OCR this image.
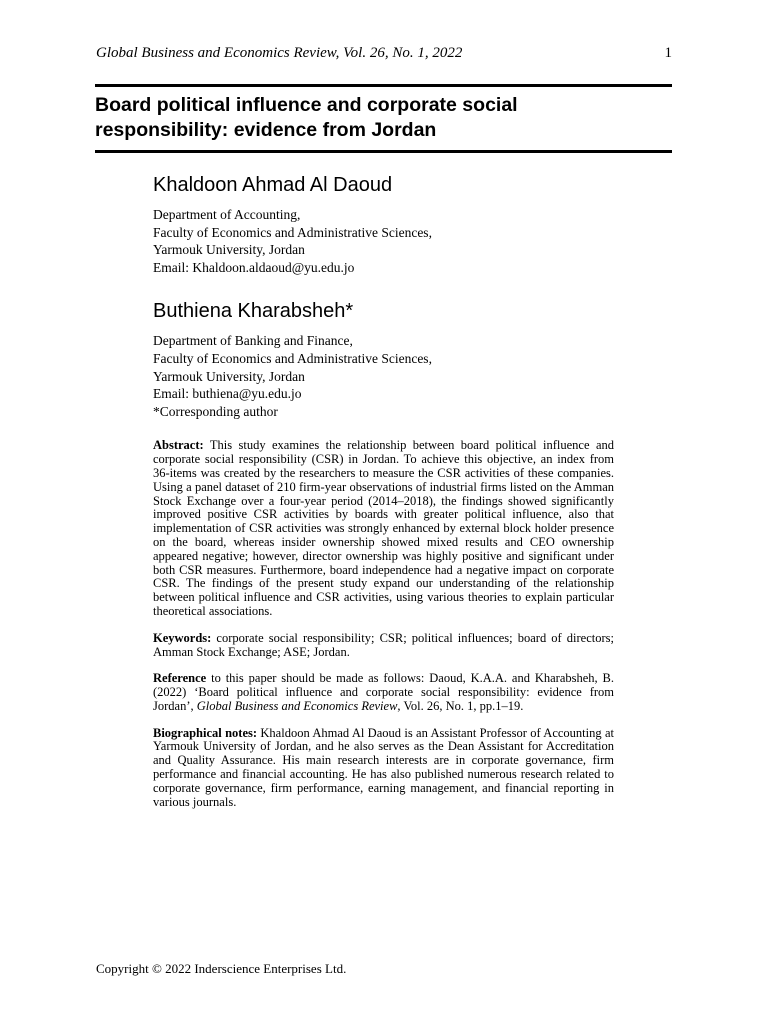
Global Business and Economics Review, Vol. 26, No. 1, 2022	1
Board political influence and corporate social
responsibility: evidence from Jordan

Khaldoon Ahmad Al Daoud

Department of Accounting,

Faculty of Economics and Administrative Sciences,

Yarmouk University, Jordan

Email: Khaldoon.aldaoud@yu.edu.jo

Buthiena Kharabsheh*

Department of Banking and Finance,

Faculty of Economics and Administrative Sciences,

Yarmouk University, Jordan

Email: buthiena@yu.edu.jo

*Corresponding author

Abstract: This study examines the relationship between board political influence and corporate social responsibility (CSR) in Jordan. To achieve this objective, an index from 36-items was created by the researchers to measure the CSR activities of these companies. Using a panel dataset of 210 firm-year observations of industrial firms listed on the Amman Stock Exchange over a four-year period (2014–2018), the findings showed significantly improved positive CSR activities by boards with greater political influence, also that implementation of CSR activities was strongly enhanced by external block holder presence on the board, whereas insider ownership showed mixed results and CEO ownership appeared negative; however, director ownership was highly positive and significant under both CSR measures. Furthermore, board independence had a negative impact on corporate CSR. The findings of the present study expand our understanding of the relationship between political influence and CSR activities, using various theories to explain particular theoretical associations.

Keywords: corporate social responsibility; CSR; political influences; board of directors; Amman Stock Exchange; ASE; Jordan.

Reference to this paper should be made as follows: Daoud, K.A.A. and Kharabsheh, B. (2022) ‘Board political influence and corporate social responsibility: evidence from Jordan’, Global Business and Economics Review, Vol. 26, No. 1, pp.1–19.

Biographical notes: Khaldoon Ahmad Al Daoud is an Assistant Professor of Accounting at Yarmouk University of Jordan, and he also serves as the Dean Assistant for Accreditation and Quality Assurance. His main research interests are in corporate governance, firm performance and financial accounting. He has also published numerous research related to corporate governance, firm performance, earning management, and financial reporting in various journals.

Copyright © 2022 Inderscience Enterprises Ltd.
